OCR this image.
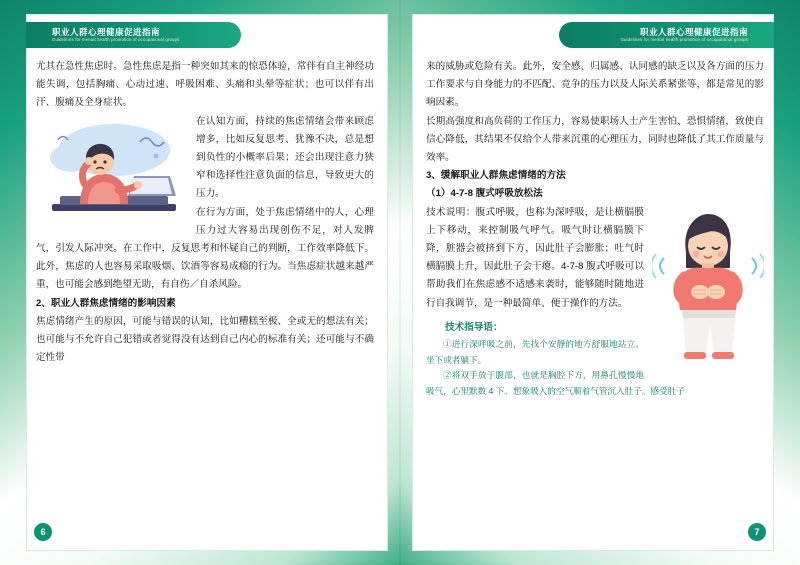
职业人群心理健康促进指南
Guidelines for mental health promotion of occupational groups

尤其在急性焦虑时。急性焦虑是指一种突如其来的惊恐体验，常伴有自主神经功能失调，包括胸痛、心动过速、呼吸困难、头痛和头晕等症状；也可以伴有出汗、腹痛及全身症状。

在认知方面，持续的焦虑情绪会带来顾虑增多，比如反复思考、犹豫不决，总是想到负性的小概率后果；还会出现注意力狭窄和选择性注意负面的信息，导致更大的压力。

在行为方面，处于焦虑情绪中的人，心理压力过大容易出现创伤不足，对人发脾气，引发人际冲突。在工作中，反复思考和怀疑自己的判断，工作效率降低下。此外，焦虑的人也容易采取吸烟、饮酒等容易成瘾的行为。当焦虑症状越来越严重，也可能会感到绝望无助，有自伤／自杀风险。

2、职业人群焦虑情绪的影响因素

焦虑情绪产生的原因，可能与错误的认知，比如糟糕至极、全或无的想法有关；也可能与不允许自己犯错或者觉得没有达到自己内心的标准有关；还可能与不确定性带

6
职业人群心理健康促进指南
Guidelines for mental health promotion of occupational groups

来的威胁或危险有关。此外，安全感、归属感、认同感的缺乏以及各方面的压力工作要求与自身能力的不匹配、竞争的压力以及人际关系紧张等，都是常见的影响因素。

长期高强度和高负荷的工作压力，容易使职场人士产生害怕、恐惧情绪，致使自信心降低，其结果不仅给个人带来沉重的心理压力，同时也降低了其工作质量与效率。

3、缓解职业人群焦虑情绪的方法

（1）4-7-8 腹式呼吸放松法

技术说明：腹式呼吸，也称为深呼吸，是让横膈膜上下移动，来控制吸气呼气。吸气时让横膈膜下降，脏器会被挤到下方，因此肚子会膨胀；吐气时横膈膜上升，因此肚子会干瘪。4-7-8 腹式呼吸可以帮助我们在焦虑感不适感来袭时，能够随时随地进行自我调节，是一种最简单、便于操作的方法。

技术指导语：
①进行深呼吸之前，先找个安静的地方舒服地站立、坐下或者躺下。
②将双手放于腹部，也就是胸腔下方，用鼻孔慢慢地吸气，心里默数 4 下。想象吸入的空气顺着气管沉入肚子。感受肚子
7
